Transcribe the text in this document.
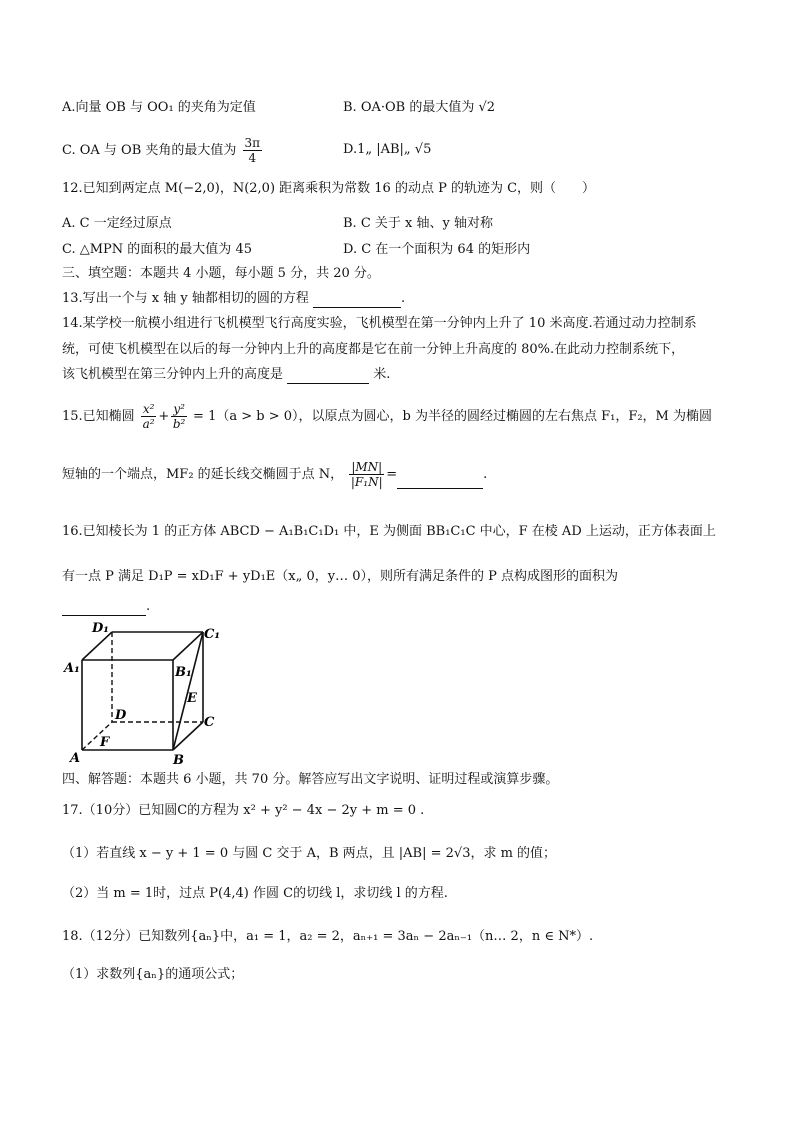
A.向量 OB 与 OO₁ 的夹角为定值	B. OA·OB 的最大值为 √2
C. OA 与 OB 夹角的最大值为 $\frac{3\pi}{4}$	D.1„ |AB|„ √5
12.已知到两定点 M(−2,0)，N(2,0) 距离乘积为常数 16 的动点 P 的轨迹为 C，则（　　）
A. C 一定经过原点	B. C 关于 x 轴、y 轴对称
C. △MPN 的面积的最大值为 45	D. C 在一个面积为 64 的矩形内
三、填空题：本题共 4 小题，每小题 5 分，共 20 分。
13.写出一个与 x 轴 y 轴都相切的圆的方程	.
14.某学校一航模小组进行飞机模型飞行高度实验，飞机模型在第一分钟内上升了 10 米高度.若通过动力控制系
统，可使飞机模型在以后的每一分钟内上升的高度都是它在前一分钟上升高度的 80%.在此动力控制系统下，
该飞机模型在第三分钟内上升的高度是	米.
15.已知椭圆 $\frac{\text{x²}}{\text{a²}} + \frac{\text{y²}}{\text{b²}} = 1(a > b > 0)$，以原点为圆心，b 为半径的圆经过椭圆的左右焦点 F₁，F₂，M 为椭圆
短轴的一个端点，MF₂ 的延长线交椭圆于点 N， $\frac{|MN|}{\text{|F₁N|}}$ =	.
16.已知棱长为 1 的正方体 ABCD − A₁B₁C₁D₁ 中，E 为侧面 BB₁C₁C 中心，F 在棱 AD 上运动，正方体表面上
有一点 P 满足 D₁P = xD₁F + yD₁E（x„ 0，y… 0），则所有满足条件的 P 点构成图形的面积为
.
D₁	C₁
A₁	B₁
E
D	C
F
A	B
四、解答题：本题共 6 小题，共 70 分。解答应写出文字说明、证明过程或演算步骤。
17.（10分）已知圆C的方程为 x² + y² − 4x − 2y + m = 0 .
（1）若直线 x − y + 1 = 0 与圆 C 交于 A，B 两点，且 |AB| = 2√3，求 m 的值；
（2）当 m = 1时，过点 P(4,4) 作圆 C的切线 l，求切线 l 的方程.
18.（12分）已知数列{aₙ}中，a₁ = 1，a₂ = 2，aₙ₊₁ = 3aₙ − 2aₙ₋₁（n… 2，n ∈ N*）.
（1）求数列{aₙ}的通项公式；
